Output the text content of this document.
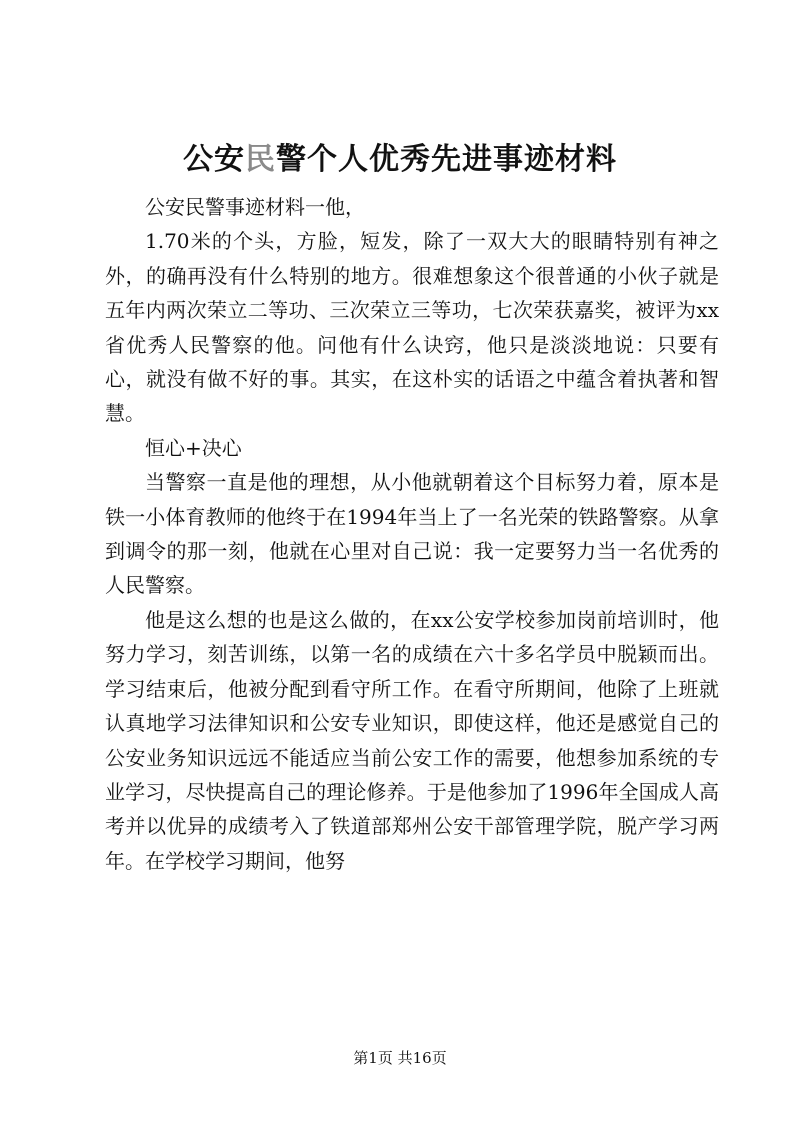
公安民警个人优秀先进事迹材料

公安民警事迹材料一他，

1.70米的个头，方脸，短发，除了一双大大的眼睛特别有神之外，的确再没有什么特别的地方。很难想象这个很普通的小伙子就是五年内两次荣立二等功、三次荣立三等功，七次荣获嘉奖，被评为xx省优秀人民警察的他。问他有什么诀窍，他只是淡淡地说：只要有心，就没有做不好的事。其实，在这朴实的话语之中蕴含着执著和智慧。

恒心+决心

当警察一直是他的理想，从小他就朝着这个目标努力着，原本是铁一小体育教师的他终于在1994年当上了一名光荣的铁路警察。从拿到调令的那一刻，他就在心里对自己说：我一定要努力当一名优秀的人民警察。

他是这么想的也是这么做的，在xx公安学校参加岗前培训时，他努力学习，刻苦训练，以第一名的成绩在六十多名学员中脱颖而出。学习结束后，他被分配到看守所工作。在看守所期间，他除了上班就认真地学习法律知识和公安专业知识，即使这样，他还是感觉自己的公安业务知识远远不能适应当前公安工作的需要，他想参加系统的专业学习，尽快提高自己的理论修养。于是他参加了1996年全国成人高考并以优异的成绩考入了铁道部郑州公安干部管理学院，脱产学习两年。在学校学习期间，他努

第1页 共16页
